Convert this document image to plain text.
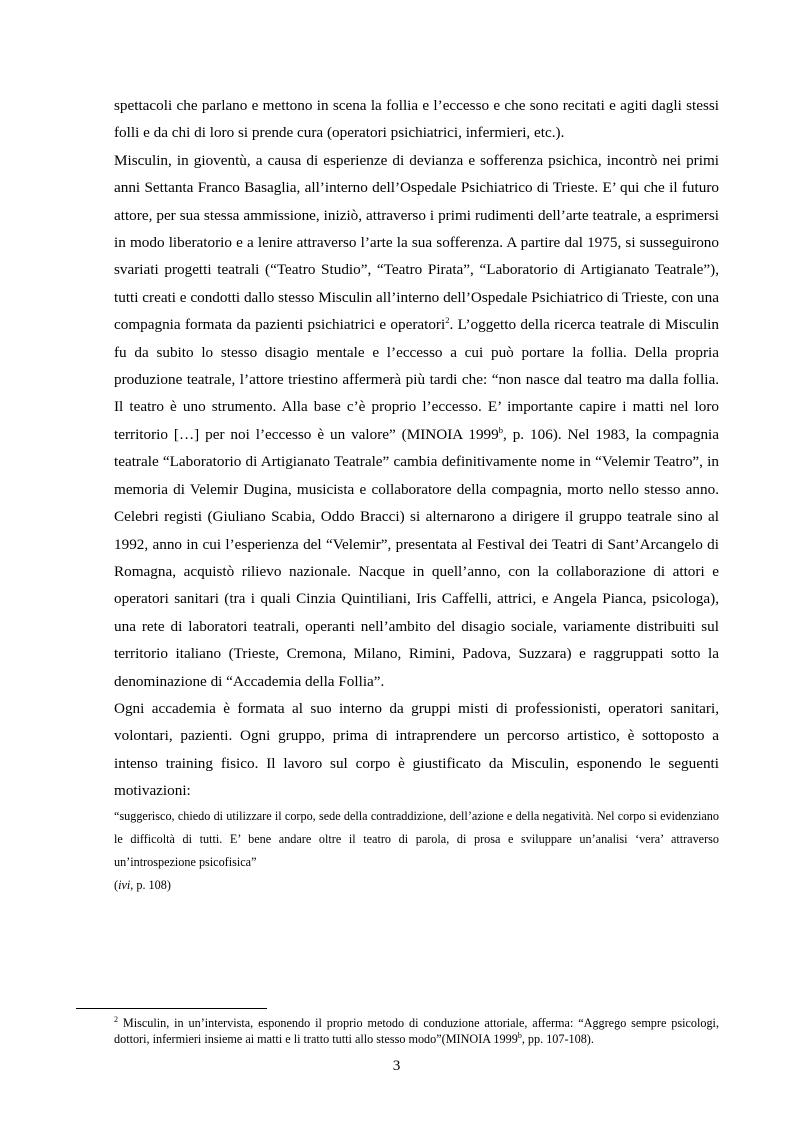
spettacoli che parlano e mettono in scena la follia e l’eccesso e che sono recitati e agiti dagli stessi folli e da chi di loro si prende cura (operatori psichiatrici, infermieri, etc.).

Misculin, in gioventù, a causa di esperienze di devianza e sofferenza psichica, incontrò nei primi anni Settanta Franco Basaglia, all’interno dell’Ospedale Psichiatrico di Trieste. E’ qui che il futuro attore, per sua stessa ammissione, iniziò, attraverso i primi rudimenti dell’arte teatrale, a esprimersi in modo liberatorio e a lenire attraverso l’arte la sua sofferenza. A partire dal 1975, si susseguirono svariati progetti teatrali (“Teatro Studio”, “Teatro Pirata”, “Laboratorio di Artigianato Teatrale”), tutti creati e condotti dallo stesso Misculin all’interno dell’Ospedale Psichiatrico di Trieste, con una compagnia formata da pazienti psichiatrici e operatori$^2$. L’oggetto della ricerca teatrale di Misculin fu da subito lo stesso disagio mentale e l’eccesso a cui può portare la follia. Della propria produzione teatrale, l’attore triestino affermerà più tardi che: “non nasce dal teatro ma dalla follia. Il teatro è uno strumento. Alla base c’è proprio l’eccesso. E’ importante capire i matti nel loro territorio […] per noi l’eccesso è un valore” (MINOIA 1999$^b$, p. 106). Nel 1983, la compagnia teatrale “Laboratorio di Artigianato Teatrale” cambia definitivamente nome in “Velemir Teatro”, in memoria di Velemir Dugina, musicista e collaboratore della compagnia, morto nello stesso anno. Celebri registi (Giuliano Scabia, Oddo Bracci) si alternarono a dirigere il gruppo teatrale sino al 1992, anno in cui l’esperienza del “Velemir”, presentata al Festival dei Teatri di Sant’Arcangelo di Romagna, acquistò rilievo nazionale. Nacque in quell’anno, con la collaborazione di attori e operatori sanitari (tra i quali Cinzia Quintiliani, Iris Caffelli, attrici, e Angela Pianca, psicologa), una rete di laboratori teatrali, operanti nell’ambito del disagio sociale, variamente distribuiti sul territorio italiano (Trieste, Cremona, Milano, Rimini, Padova, Suzzara) e raggruppati sotto la denominazione di “Accademia della Follia”.

Ogni accademia è formata al suo interno da gruppi misti di professionisti, operatori sanitari, volontari, pazienti. Ogni gruppo, prima di intraprendere un percorso artistico, è sottoposto a intenso training fisico. Il lavoro sul corpo è giustificato da Misculin, esponendo le seguenti motivazioni:

“suggerisco, chiedo di utilizzare il corpo, sede della contraddizione, dell’azione e della negatività. Nel corpo si evidenziano le difficoltà di tutti. E’ bene andare oltre il teatro di parola, di prosa e sviluppare un’analisi ‘vera’ attraverso un’introspezione psicofisica”

(ivi, p. 108)

$^2$ Misculin, in un’intervista, esponendo il proprio metodo di conduzione attoriale, afferma: “Aggrego sempre psicologi, dottori, infermieri insieme ai matti e li tratto tutti allo stesso modo”(MINOIA 1999$^b$, pp. 107-108).

3
